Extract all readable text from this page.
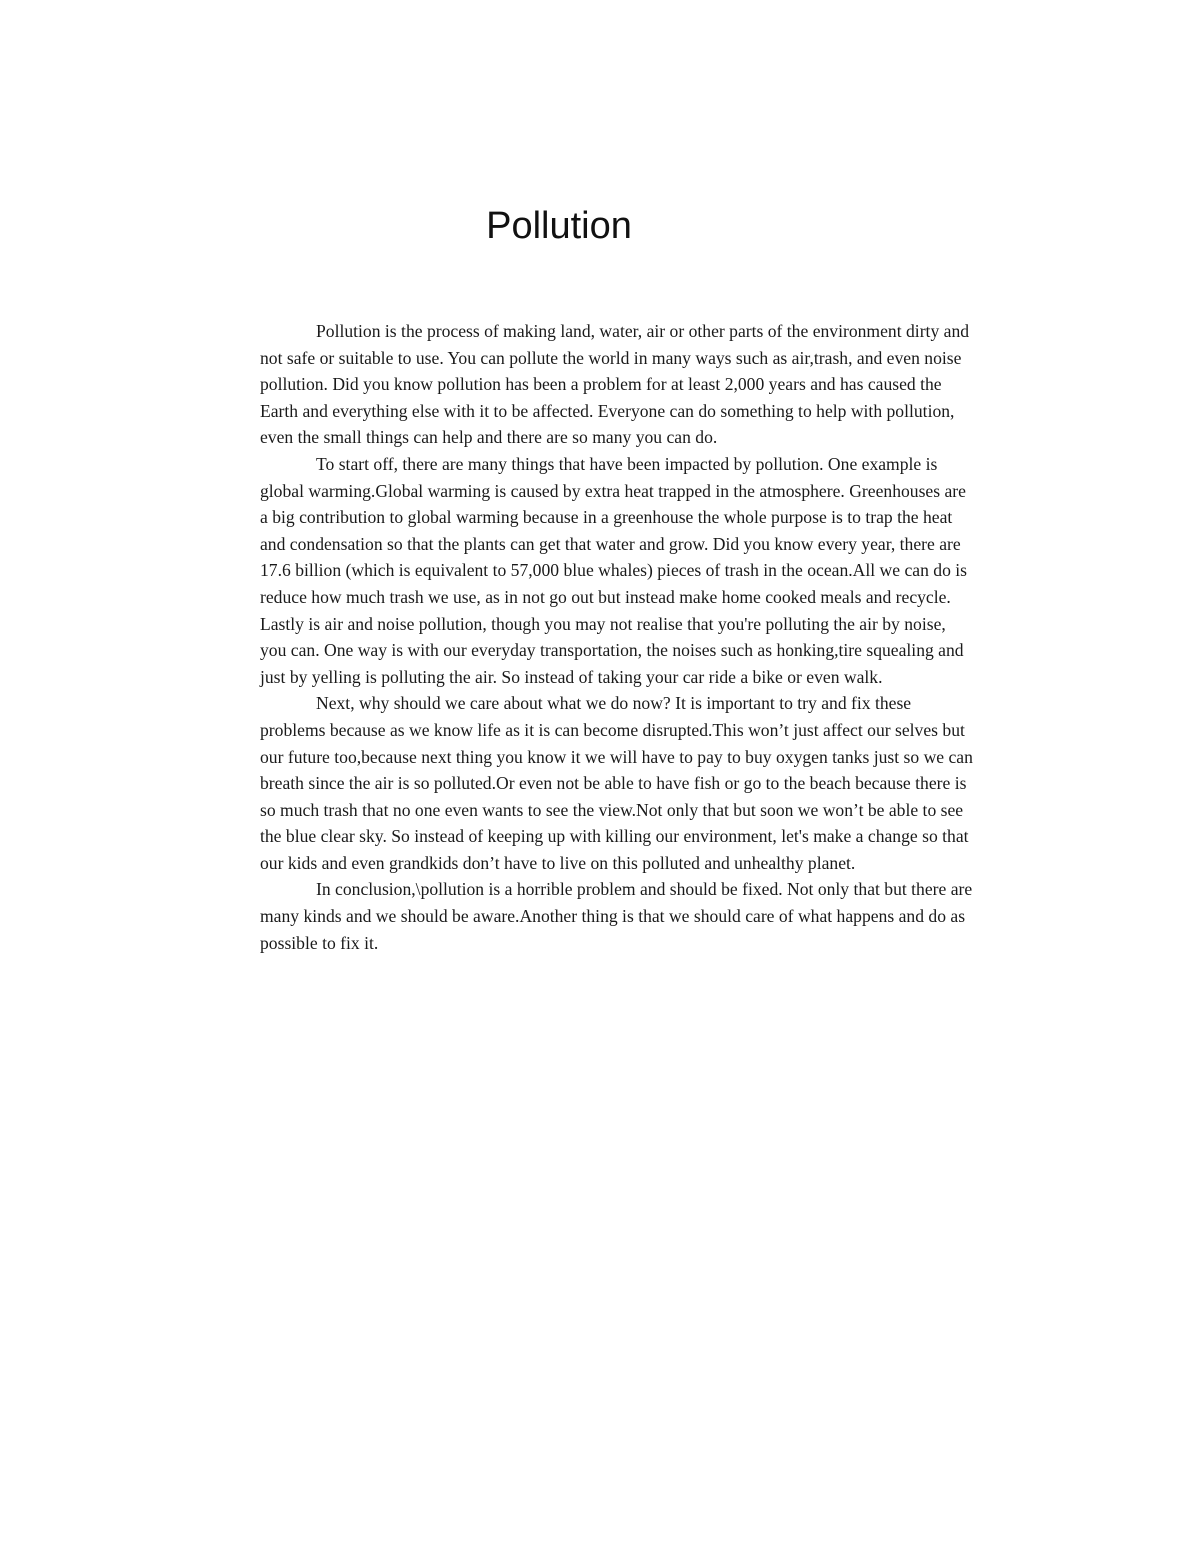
Pollution

Pollution is the process of making land, water, air or other parts of the environment dirty and not safe or suitable to use. You can pollute the world in many ways such as air,trash, and even noise pollution. Did you know pollution has been a problem for at least 2,000 years and has caused the Earth and everything else with it to be affected. Everyone can do something to help with pollution, even the small things can help and there are so many you can do.

To start off, there are many things that have been impacted by pollution. One example is global warming.Global warming is caused by extra heat trapped in the atmosphere. Greenhouses are a big contribution to global warming because in a greenhouse the whole purpose is to trap the heat and condensation so that the plants can get that water and grow. Did you know every year, there are 17.6 billion (which is equivalent to 57,000 blue whales) pieces of trash in the ocean.All we can do is reduce how much trash we use, as in not go out but instead make home cooked meals and recycle. Lastly is air and noise pollution, though you may not realise that you're polluting the air by noise, you can. One way is with our everyday transportation, the noises such as honking,tire squealing and just by yelling is polluting the air. So instead of taking your car ride a bike or even walk.

Next, why should we care about what we do now? It is important to try and fix these problems because as we know life as it is can become disrupted.This won’t just affect our selves but our future too,because next thing you know it we will have to pay to buy oxygen tanks just so we can breath since the air is so polluted.Or even not be able to have fish or go to the beach because there is so much trash that no one even wants to see the view.Not only that but soon we won’t be able to see the blue clear sky. So instead of keeping up with killing our environment, let's make a change so that our kids and even grandkids don’t have to live on this polluted and unhealthy planet.

In conclusion,\pollution is a horrible problem and should be fixed. Not only that but there are many kinds and we should be aware.Another thing is that we should care of what happens and do as possible to fix it.
